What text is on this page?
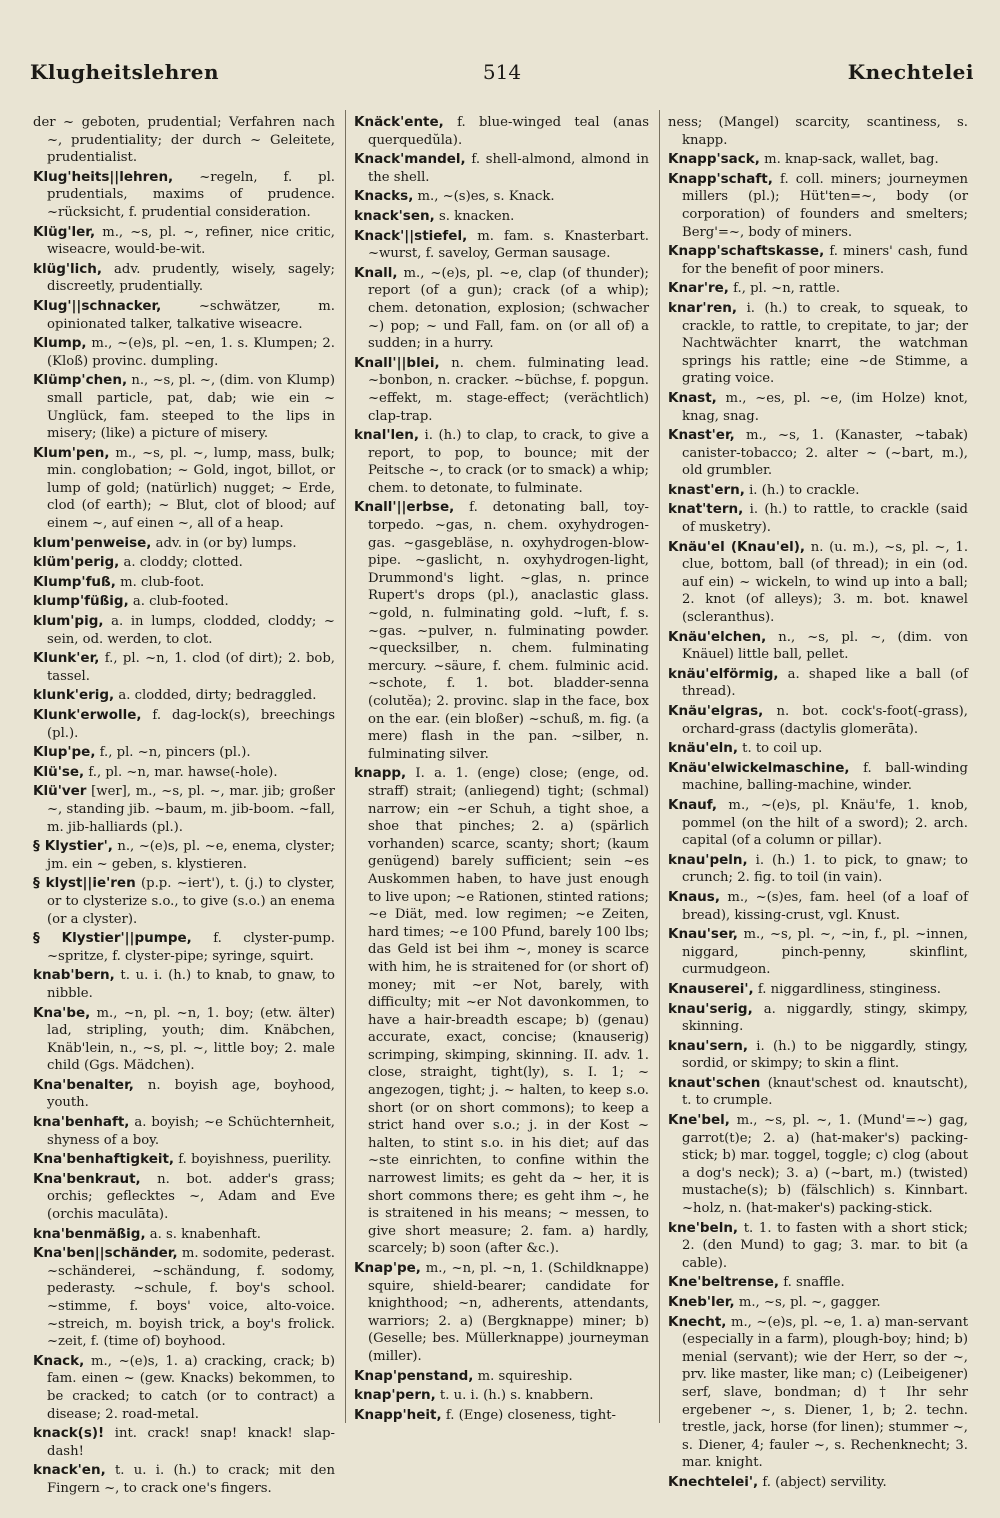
Klugheitslehren	514	Knechtelei

der ~ geboten, prudential; Verfahren nach ~, prudentiality; der durch ~ Geleitete, prudentialist.

Klug'heits||lehren, ~regeln, f. pl. prudentials, maxims of prudence. ~rücksicht, f. prudential consideration.

Klüg'ler, m., ~s, pl. ~, refiner, nice critic, wiseacre, would-be-wit.

klüg'lich, adv. prudently, wisely, sagely; discreetly, prudentially.

Klug'||schnacker, ~schwätzer, m. opinionated talker, talkative wiseacre.

Klump, m., ~(e)s, pl. ~en, 1. s. Klumpen; 2. (Kloß) provinc. dumpling.

Klümp'chen, n., ~s, pl. ~, (dim. von Klump) small particle, pat, dab; wie ein ~ Unglück, fam. steeped to the lips in misery; (like) a picture of misery.

Klum'pen, m., ~s, pl. ~, lump, mass, bulk; min. conglobation; ~ Gold, ingot, billot, or lump of gold; (natürlich) nugget; ~ Erde, clod (of earth); ~ Blut, clot of blood; auf einem ~, auf einen ~, all of a heap.

klum'penweise, adv. in (or by) lumps.

klüm'perig, a. cloddy; clotted.

Klump'fuß, m. club-foot.

klump'füßig, a. club-footed.

klum'pig, a. in lumps, clodded, cloddy; ~ sein, od. werden, to clot.

Klunk'er, f., pl. ~n, 1. clod (of dirt); 2. bob, tassel.

klunk'erig, a. clodded, dirty; bedraggled.

Klunk'erwolle, f. dag-lock(s), breechings (pl.).

Klup'pe, f., pl. ~n, pincers (pl.).

Klü'se, f., pl. ~n, mar. hawse(-hole).

Klü'ver [wer], m., ~s, pl. ~, mar. jib; großer ~, standing jib. ~baum, m. jib-boom. ~fall, m. jib-halliards (pl.).

§ Klystier', n., ~(e)s, pl. ~e, enema, clyster; jm. ein ~ geben, s. klystieren.

§ klyst||ie'ren (p.p. ~iert'), t. (j.) to clyster, or to clysterize s.o., to give (s.o.) an enema (or a clyster).

§ Klystier'||pumpe, f. clyster-pump. ~spritze, f. clyster-pipe; syringe, squirt.

knab'bern, t. u. i. (h.) to knab, to gnaw, to nibble.

Kna'be, m., ~n, pl. ~n, 1. boy; (etw. älter) lad, stripling, youth; dim. Knäbchen, Knäb'lein, n., ~s, pl. ~, little boy; 2. male child (Ggs. Mädchen).

Kna'benalter, n. boyish age, boyhood, youth.

kna'benhaft, a. boyish; ~e Schüchternheit, shyness of a boy.

Kna'benhaftigkeit, f. boyishness, puerility.

Kna'benkraut, n. bot. adder's grass; orchis; geflecktes ~, Adam and Eve (orchis maculāta).

kna'benmäßig, a. s. knabenhaft.

Kna'ben||schänder, m. sodomite, pederast. ~schänderei, ~schändung, f. sodomy, pederasty. ~schule, f. boy's school. ~stimme, f. boys' voice, alto-voice. ~streich, m. boyish trick, a boy's frolick. ~zeit, f. (time of) boyhood.

Knack, m., ~(e)s, 1. a) cracking, crack; b) fam. einen ~ (gew. Knacks) bekommen, to be cracked; to catch (or to contract) a disease; 2. road-metal.

knack(s)! int. crack! snap! knack! slap-dash!

knack'en, t. u. i. (h.) to crack; mit den Fingern ~, to crack one's fingers.

Knäck'ente, f. blue-winged teal (anas querquedŭla).

Knack'mandel, f. shell-almond, almond in the shell.

Knacks, m., ~(s)es, s. Knack.

knack'sen, s. knacken.

Knack'||stiefel, m. fam. s. Knasterbart. ~wurst, f. saveloy, German sausage.

Knall, m., ~(e)s, pl. ~e, clap (of thunder); report (of a gun); crack (of a whip); chem. detonation, explosion; (schwacher ~) pop; ~ und Fall, fam. on (or all of) a sudden; in a hurry.

Knall'||blei, n. chem. fulminating lead. ~bonbon, n. cracker. ~büchse, f. popgun. ~effekt, m. stage-effect; (verächtlich) clap-trap.

knal'len, i. (h.) to clap, to crack, to give a report, to pop, to bounce; mit der Peitsche ~, to crack (or to smack) a whip; chem. to detonate, to fulminate.

Knall'||erbse, f. detonating ball, toy-torpedo. ~gas, n. chem. oxyhydrogen-gas. ~gasgebläse, n. oxyhydrogen-blow-pipe. ~gaslicht, n. oxyhydrogen-light, Drummond's light. ~glas, n. prince Rupert's drops (pl.), anaclastic glass. ~gold, n. fulminating gold. ~luft, f. s. ~gas. ~pulver, n. fulminating powder. ~quecksilber, n. chem. fulminating mercury. ~säure, f. chem. fulminic acid. ~schote, f. 1. bot. bladder-senna (colutĕa); 2. provinc. slap in the face, box on the ear. (ein bloßer) ~schuß, m. fig. (a mere) flash in the pan. ~silber, n. fulminating silver.

knapp, I. a. 1. (enge) close; (enge, od. straff) strait; (anliegend) tight; (schmal) narrow; ein ~er Schuh, a tight shoe, a shoe that pinches; 2. a) (spärlich vorhanden) scarce, scanty; short; (kaum genügend) barely sufficient; sein ~es Auskommen haben, to have just enough to live upon; ~e Rationen, stinted rations; ~e Diät, med. low regimen; ~e Zeiten, hard times; ~e 100 Pfund, barely 100 lbs; das Geld ist bei ihm ~, money is scarce with him, he is straitened for (or short of) money; mit ~er Not, barely, with difficulty; mit ~er Not davonkommen, to have a hair-breadth escape; b) (genau) accurate, exact, concise; (knauserig) scrimping, skimping, skinning. II. adv. 1. close, straight, tight(ly), s. I. 1; ~ angezogen, tight; j. ~ halten, to keep s.o. short (or on short commons); to keep a strict hand over s.o.; j. in der Kost ~ halten, to stint s.o. in his diet; auf das ~ste einrichten, to confine within the narrowest limits; es geht da ~ her, it is short commons there; es geht ihm ~, he is straitened in his means; ~ messen, to give short measure; 2. fam. a) hardly, scarcely; b) soon (after &c.).

Knap'pe, m., ~n, pl. ~n, 1. (Schildknappe) squire, shield-bearer; candidate for knighthood; ~n, adherents, attendants, warriors; 2. a) (Bergknappe) miner; b) (Geselle; bes. Müllerknappe) journeyman (miller).

Knap'penstand, m. squireship.

knap'pern, t. u. i. (h.) s. knabbern.

Knapp'heit, f. (Enge) closeness, tight-

ness; (Mangel) scarcity, scantiness, s. knapp.

Knapp'sack, m. knap-sack, wallet, bag.

Knapp'schaft, f. coll. miners; journeymen millers (pl.); Hüt'ten=~, body (or corporation) of founders and smelters; Berg'=~, body of miners.

Knapp'schaftskasse, f. miners' cash, fund for the benefit of poor miners.

Knar're, f., pl. ~n, rattle.

knar'ren, i. (h.) to creak, to squeak, to crackle, to rattle, to crepitate, to jar; der Nachtwächter knarrt, the watchman springs his rattle; eine ~de Stimme, a grating voice.

Knast, m., ~es, pl. ~e, (im Holze) knot, knag, snag.

Knast'er, m., ~s, 1. (Kanaster, ~tabak) canister-tobacco; 2. alter ~ (~bart, m.), old grumbler.

knast'ern, i. (h.) to crackle.

knat'tern, i. (h.) to rattle, to crackle (said of musketry).

Knäu'el (Knau'el), n. (u. m.), ~s, pl. ~, 1. clue, bottom, ball (of thread); in ein (od. auf ein) ~ wickeln, to wind up into a ball; 2. knot (of alleys); 3. m. bot. knawel (scleranthus).

Knäu'elchen, n., ~s, pl. ~, (dim. von Knäuel) little ball, pellet.

knäu'elförmig, a. shaped like a ball (of thread).

Knäu'elgras, n. bot. cock's-foot(-grass), orchard-grass (dactylis glomerāta).

knäu'eln, t. to coil up.

Knäu'elwickelmaschine, f. ball-winding machine, balling-machine, winder.

Knauf, m., ~(e)s, pl. Knäu'fe, 1. knob, pommel (on the hilt of a sword); 2. arch. capital (of a column or pillar).

knau'peln, i. (h.) 1. to pick, to gnaw; to crunch; 2. fig. to toil (in vain).

Knaus, m., ~(s)es, fam. heel (of a loaf of bread), kissing-crust, vgl. Knust.

Knau'ser, m., ~s, pl. ~, ~in, f., pl. ~innen, niggard, pinch-penny, skinflint, curmudgeon.

Knauserei', f. niggardliness, stinginess.

knau'serig, a. niggardly, stingy, skimpy, skinning.

knau'sern, i. (h.) to be niggardly, stingy, sordid, or skimpy; to skin a flint.

knaut'schen (knaut'schest od. knautscht), t. to crumple.

Kne'bel, m., ~s, pl. ~, 1. (Mund'=~) gag, garrot(t)e; 2. a) (hat-maker's) packing-stick; b) mar. toggel, toggle; c) clog (about a dog's neck); 3. a) (~bart, m.) (twisted) mustache(s); b) (fälschlich) s. Kinnbart. ~holz, n. (hat-maker's) packing-stick.

kne'beln, t. 1. to fasten with a short stick; 2. (den Mund) to gag; 3. mar. to bit (a cable).

Kne'beltrense, f. snaffle.

Kneb'ler, m., ~s, pl. ~, gagger.

Knecht, m., ~(e)s, pl. ~e, 1. a) man-servant (especially in a farm), plough-boy; hind; b) menial (servant); wie der Herr, so der ~, prv. like master, like man; c) (Leibeigener) serf, slave, bondman; d) † Ihr sehr ergebener ~, s. Diener, 1, b; 2. techn. trestle, jack, horse (for linen); stummer ~, s. Diener, 4; fauler ~, s. Rechenknecht; 3. mar. knight.

Knechtelei', f. (abject) servility.
